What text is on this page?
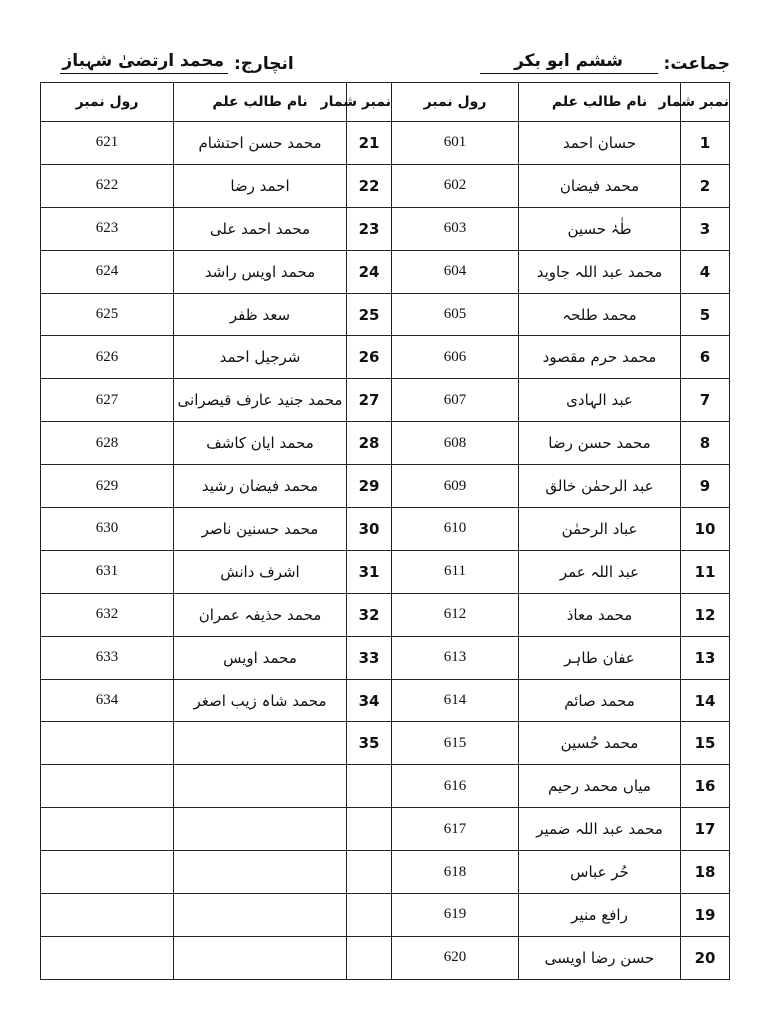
جماعت:
ششم ابو بکر
انچارج:
محمد ارتضیٰ شہباز
نمبر شمار	نام طالب علم	رول نمبر	نمبر شمار	نام طالب علم	رول نمبر
1	حسان احمد	601	21	محمد حسن احتشام	621
2	محمد فیضان	602	22	احمد رضا	622
3	طٰہٰ حسین	603	23	محمد احمد علی	623
4	محمد عبد اللہ جاوید	604	24	محمد اویس راشد	624
5	محمد طلحہ	605	25	سعد ظفر	625
6	محمد حرم مقصود	606	26	شرجیل احمد	626
7	عبد الہادی	607	27	محمد جنید عارف قیصرانی	627
8	محمد حسن رضا	608	28	محمد ایان کاشف	628
9	عبد الرحمٰن خالق	609	29	محمد فیضان رشید	629
10	عباد الرحمٰن	610	30	محمد حسنین ناصر	630
11	عبد اللہ عمر	611	31	اشرف دانش	631
12	محمد معاذ	612	32	محمد حذیفہ عمران	632
13	عفان طاہر	613	33	محمد اویس	633
14	محمد صائم	614	34	محمد شاہ زیب اصغر	634
15	محمد حُسین	615	35		
16	میاں محمد رحیم	616			
17	محمد عبد اللہ ضمیر	617			
18	حُر عباس	618			
19	رافع منیر	619			
20	حسن رضا اویسی	620			
